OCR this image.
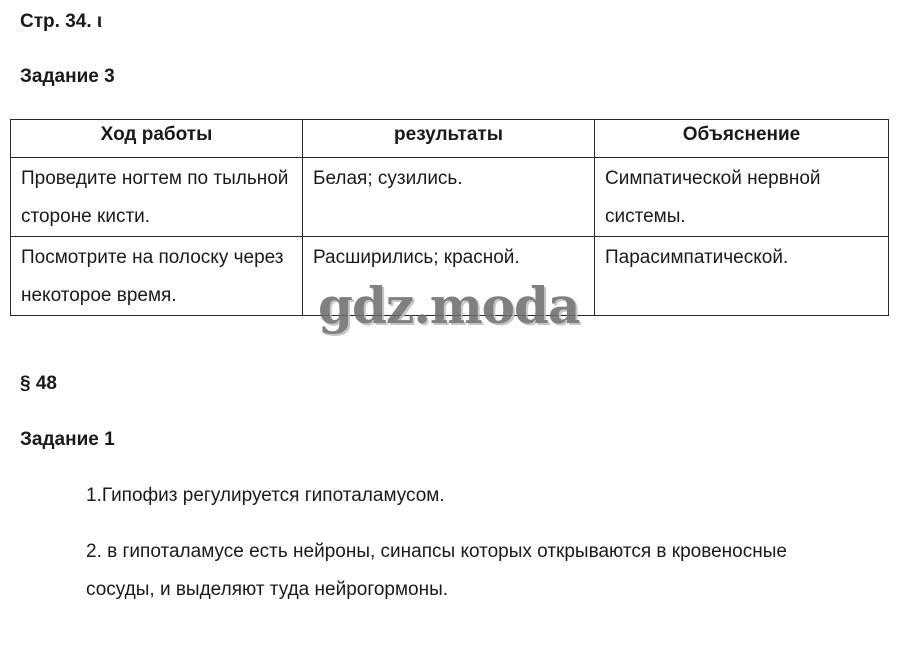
Стр. 34. ι
Задание 3
Ход работы	результаты	Объяснение
Проведите ногтем по тыльной стороне кисти.	Белая; сузились.	Симпатической нервной системы.
Посмотрите на полоску через некоторое время.	Расширились; красной.	Парасимпатической.
gdz.moda
§ 48
Задание 1
1.Гипофиз регулируется гипоталамусом.
2. в гипоталамусе есть нейроны, синапсы которых открываются в кровеносные сосуды, и выделяют туда нейрогормоны.
